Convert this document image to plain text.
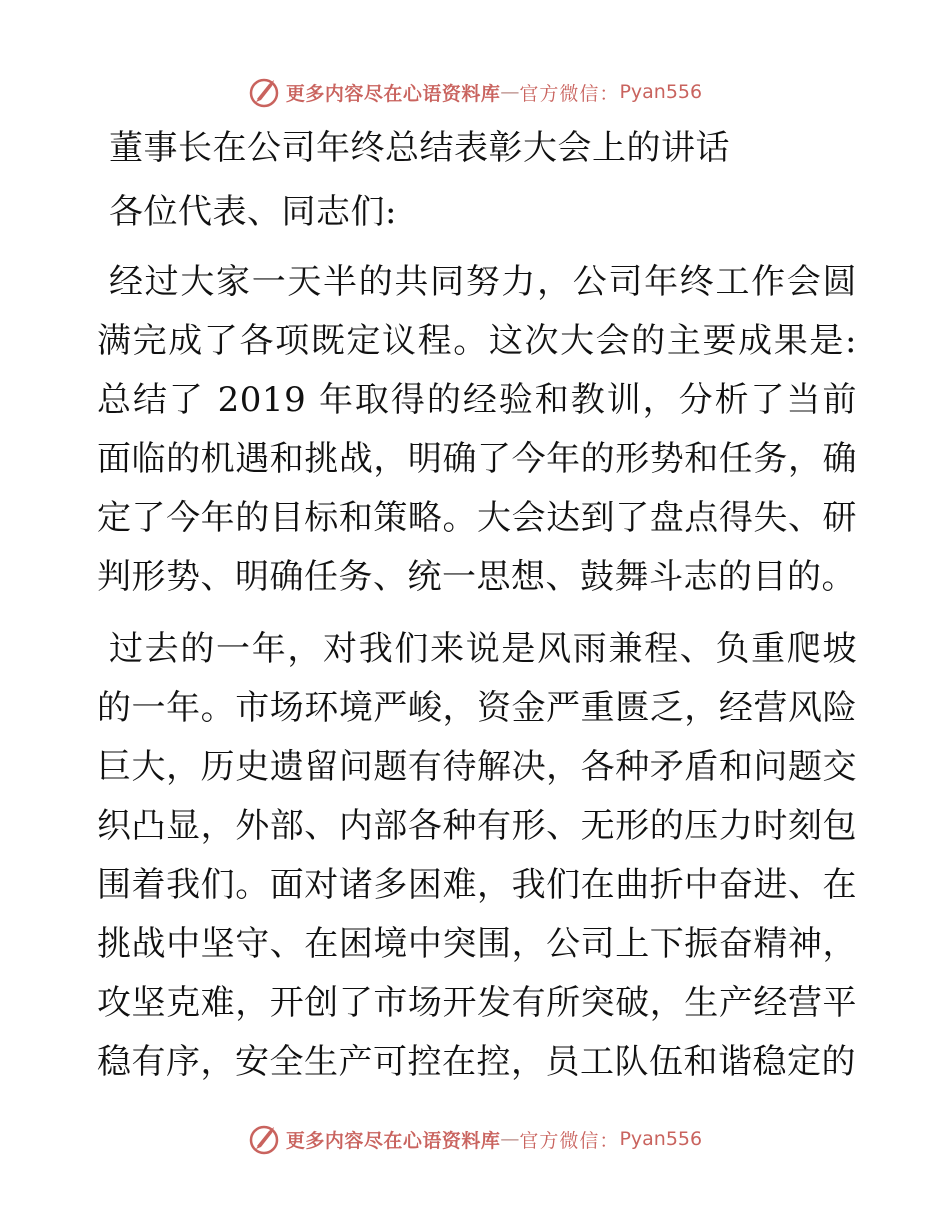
更多内容尽在心语资料库 — 官方微信： Pyan556
董事长在公司年终总结表彰大会上的讲话

各位代表、同志们:

经过大家一天半的共同努力，公司年终工作会圆满完成了各项既定议程。这次大会的主要成果是:总结了 2019 年取得的经验和教训，分析了当前面临的机遇和挑战，明确了今年的形势和任务，确定了今年的目标和策略。大会达到了盘点得失、研判形势、明确任务、统一思想、鼓舞斗志的目的。

过去的一年，对我们来说是风雨兼程、负重爬坡的一年。市场环境严峻，资金严重匮乏，经营风险巨大，历史遗留问题有待解决，各种矛盾和问题交织凸显，外部、内部各种有形、无形的压力时刻包围着我们。面对诸多困难，我们在曲折中奋进、在挑战中坚守、在困境中突围，公司上下振奋精神，攻坚克难，开创了市场开发有所突破，生产经营平稳有序，安全生产可控在控，员工队伍和谐稳定的

更多内容尽在心语资料库 — 官方微信： Pyan556
